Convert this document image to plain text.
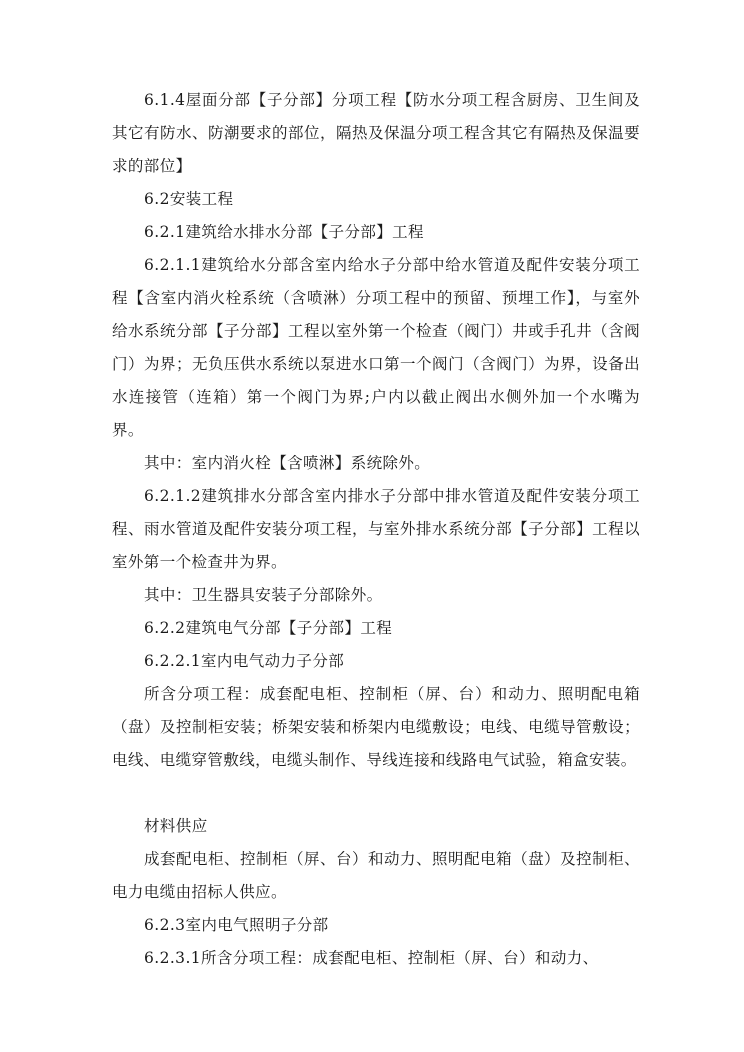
6.1.4屋面分部【子分部】分项工程【防水分项工程含厨房、卫生间及其它有防水、防潮要求的部位，隔热及保温分项工程含其它有隔热及保温要求的部位】

6.2安装工程

6.2.1建筑给水排水分部【子分部】工程

6.2.1.1建筑给水分部含室内给水子分部中给水管道及配件安装分项工程【含室内消火栓系统（含喷淋）分项工程中的预留、预埋工作】，与室外给水系统分部【子分部】工程以室外第一个检查（阀门）井或手孔井（含阀门）为界；无负压供水系统以泵进水口第一个阀门（含阀门）为界，设备出水连接管（连箱）第一个阀门为界;户内以截止阀出水侧外加一个水嘴为界。

其中：室内消火栓【含喷淋】系统除外。

6.2.1.2建筑排水分部含室内排水子分部中排水管道及配件安装分项工程、雨水管道及配件安装分项工程，与室外排水系统分部【子分部】工程以室外第一个检查井为界。

其中：卫生器具安装子分部除外。

6.2.2建筑电气分部【子分部】工程

6.2.2.1室内电气动力子分部

所含分项工程：成套配电柜、控制柜（屏、台）和动力、照明配电箱（盘）及控制柜安装；桥架安装和桥架内电缆敷设；电线、电缆导管敷设；电线、电缆穿管敷线，电缆头制作、导线连接和线路电气试验，箱盒安装。

材料供应

成套配电柜、控制柜（屏、台）和动力、照明配电箱（盘）及控制柜、电力电缆由招标人供应。

6.2.3室内电气照明子分部

6.2.3.1所含分项工程：成套配电柜、控制柜（屏、台）和动力、
